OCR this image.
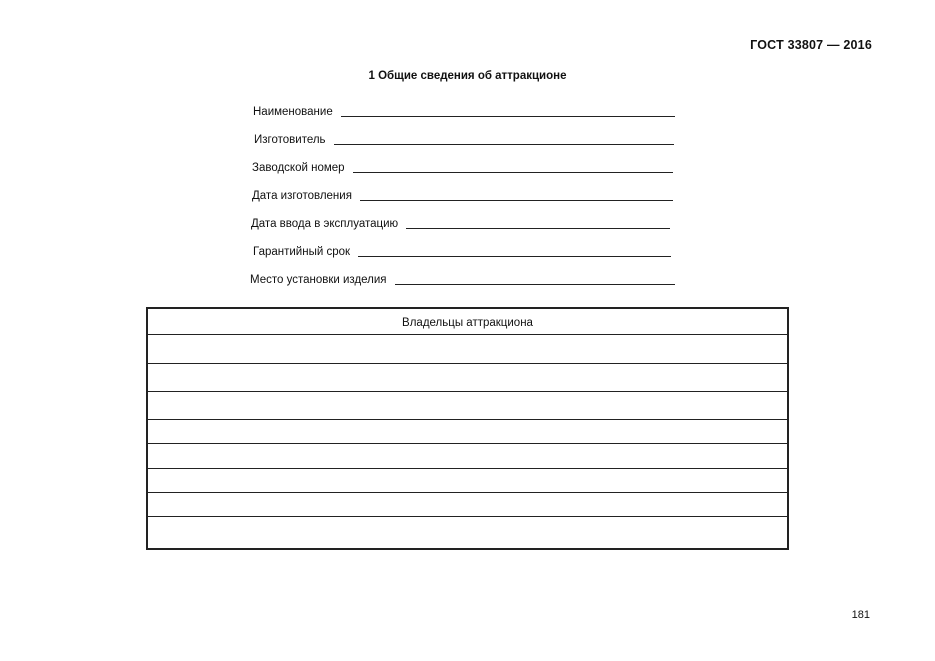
ГОСТ 33807 — 2016
1 Общие сведения об аттракционе
Наименование
Изготовитель
Заводской номер
Дата изготовления
Дата ввода в эксплуатацию
Гарантийный срок
Место установки изделия
Владельцы аттракциона
181
